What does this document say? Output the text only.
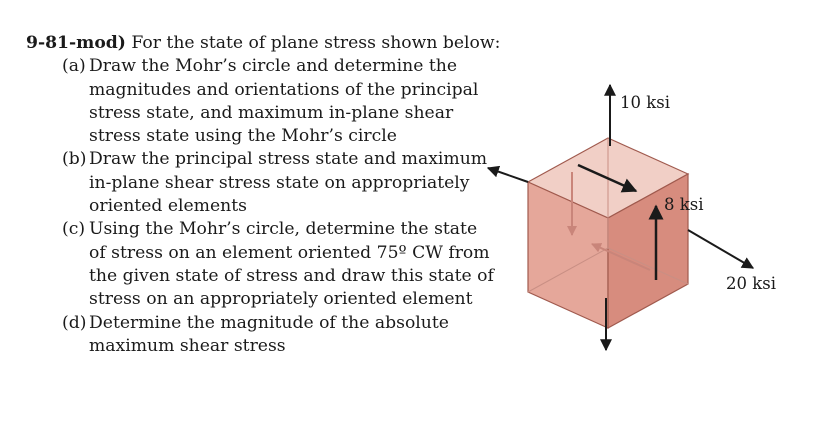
9-81-mod) For the state of plane stress shown below:

(a) Draw the Mohr’s circle and determine the magnitudes and orientations of the principal stress state, and maximum in-plane shear stress state using the Mohr’s circle
(b) Draw the principal stress state and maximum in-plane shear stress state on appropriately oriented elements
(c) Using the Mohr’s circle, determine the state of stress on an element oriented 75º CW from the given state of stress and draw this state of stress on an appropriately oriented element
(d) Determine the magnitude of the absolute maximum shear stress
10 ksi
8 ksi
20 ksi
